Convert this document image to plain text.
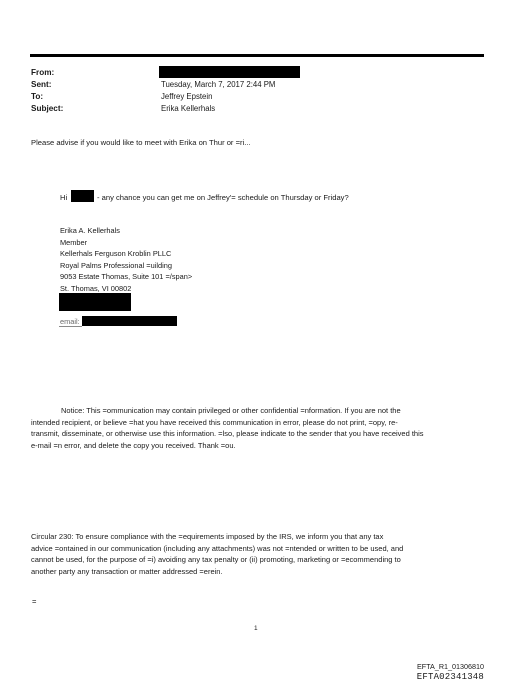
From:
Sent:
To:
Subject:
Tuesday, March 7, 2017 2:44 PM
Jeffrey Epstein
Erika Kellerhals
Please advise if you would like to meet with Erika on Thur or =ri...
Hi	- any chance you can get me on Jeffrey'= schedule on Thursday or Friday?
Erika A. Kellerhals
Member
Kellerhals Ferguson Kroblin PLLC
Royal Palms Professional =uilding
9053 Estate Thomas, Suite 101 =/span>
St. Thomas, VI 00802
email:
Notice: This =ommunication may contain privileged or other confidential =nformation. If you are not the
intended recipient, or believe =hat you have received this communication in error, please do not print, =opy, re-
transmit, disseminate, or otherwise use this information. =lso, please indicate to the sender that you have received this
e-mail =n error, and delete the copy you received. Thank =ou.
Circular 230: To ensure compliance with the =equirements imposed by the IRS, we inform you that any tax
advice =ontained in our communication (including any attachments) was not =ntended or written to be used, and
cannot be used, for the purpose of =i) avoiding any tax penalty or (ii) promoting, marketing or =ecommending to
another party any transaction or matter addressed =erein.
=
1
EFTA_R1_01306810
EFTA02341348
